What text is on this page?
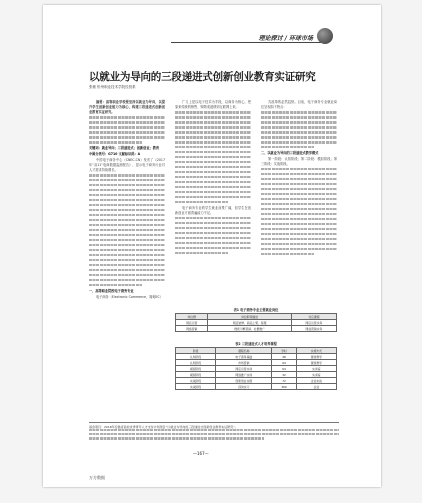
理论探讨 / 环球市场
以就业为导向的三段递进式创新创业教育实证研究
张敏 忻州职业技术学院经管系

摘要：高等职业学校要坚持以就业为导向，以提升学生创新创业能力为核心，构建三段递进式创新创业教育实证研究。

关键词：就业导向；三段递进式；创新创业；教育

中图分类号：G710 文献标识码：A

中国电子商务中心（CNEC.CN）发布了《2017年“双11”电商数据监测报告》，显示电子商务行业对人才需求持续增长。

一、高等职业院校电子商务专业

电子商务（Electronic Commerce，简称EC）

广义上是以电子技术为手段，以商务为核心，把原来传统的销售、购物渠道移到互联网上来。

电子商务专业的学生就业前景广阔，但学生在创新创业方面普遍能力不足。

式改革的必然趋势。目前，电子商务专业就业岗位呈现如下特点：

二、以就业为导向的三段递进式教学模式

第一阶段：认知阶段；第二阶段：模拟阶段；第三阶段：实战阶段。

表1 电子商务专业主要就业岗位
岗位群	岗位职责描述	对应课程
网店运营	网店装修、商品上架、客服	网店运营实务
网络营销	搜索引擎营销、社群推广	网络营销实务
表2 三段递进式人才培养课程
阶段	课程名称	学时	实施方式
认知阶段	电子商务基础	48	课堂教学
认知阶段	市场营销	64	课堂教学
模拟阶段	网店运营实训	64	实训室
模拟阶段	网络推广实训	32	实训室
实战阶段	创新创业实践	72	企业实战
实战阶段	顶岗实习	360	企业
基金项目：2018年安徽省高校优秀青年人才支持计划项目“以就业为导向的三段递进式创新创业教育实证研究”。
—167—
万方数据
